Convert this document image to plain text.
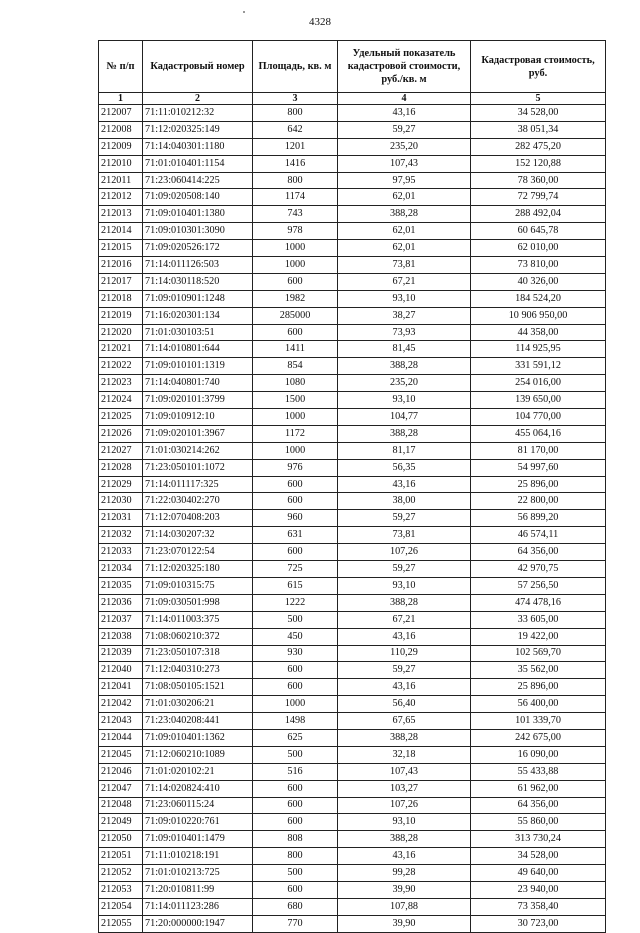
4328
№ п/п	Кадастровый номер	Площадь, кв. м	Удельный показатель кадастровой стоимости, руб./кв. м	Кадастровая стоимость, руб.
1	2	3	4	5
212007	71:11:010212:32	800	43,16	34 528,00
212008	71:12:020325:149	642	59,27	38 051,34
212009	71:14:040301:1180	1201	235,20	282 475,20
212010	71:01:010401:1154	1416	107,43	152 120,88
212011	71:23:060414:225	800	97,95	78 360,00
212012	71:09:020508:140	1174	62,01	72 799,74
212013	71:09:010401:1380	743	388,28	288 492,04
212014	71:09:010301:3090	978	62,01	60 645,78
212015	71:09:020526:172	1000	62,01	62 010,00
212016	71:14:011126:503	1000	73,81	73 810,00
212017	71:14:030118:520	600	67,21	40 326,00
212018	71:09:010901:1248	1982	93,10	184 524,20
212019	71:16:020301:134	285000	38,27	10 906 950,00
212020	71:01:030103:51	600	73,93	44 358,00
212021	71:14:010801:644	1411	81,45	114 925,95
212022	71:09:010101:1319	854	388,28	331 591,12
212023	71:14:040801:740	1080	235,20	254 016,00
212024	71:09:020101:3799	1500	93,10	139 650,00
212025	71:09:010912:10	1000	104,77	104 770,00
212026	71:09:020101:3967	1172	388,28	455 064,16
212027	71:01:030214:262	1000	81,17	81 170,00
212028	71:23:050101:1072	976	56,35	54 997,60
212029	71:14:011117:325	600	43,16	25 896,00
212030	71:22:030402:270	600	38,00	22 800,00
212031	71:12:070408:203	960	59,27	56 899,20
212032	71:14:030207:32	631	73,81	46 574,11
212033	71:23:070122:54	600	107,26	64 356,00
212034	71:12:020325:180	725	59,27	42 970,75
212035	71:09:010315:75	615	93,10	57 256,50
212036	71:09:030501:998	1222	388,28	474 478,16
212037	71:14:011003:375	500	67,21	33 605,00
212038	71:08:060210:372	450	43,16	19 422,00
212039	71:23:050107:318	930	110,29	102 569,70
212040	71:12:040310:273	600	59,27	35 562,00
212041	71:08:050105:1521	600	43,16	25 896,00
212042	71:01:030206:21	1000	56,40	56 400,00
212043	71:23:040208:441	1498	67,65	101 339,70
212044	71:09:010401:1362	625	388,28	242 675,00
212045	71:12:060210:1089	500	32,18	16 090,00
212046	71:01:020102:21	516	107,43	55 433,88
212047	71:14:020824:410	600	103,27	61 962,00
212048	71:23:060115:24	600	107,26	64 356,00
212049	71:09:010220:761	600	93,10	55 860,00
212050	71:09:010401:1479	808	388,28	313 730,24
212051	71:11:010218:191	800	43,16	34 528,00
212052	71:01:010213:725	500	99,28	49 640,00
212053	71:20:010811:99	600	39,90	23 940,00
212054	71:14:011123:286	680	107,88	73 358,40
212055	71:20:000000:1947	770	39,90	30 723,00
